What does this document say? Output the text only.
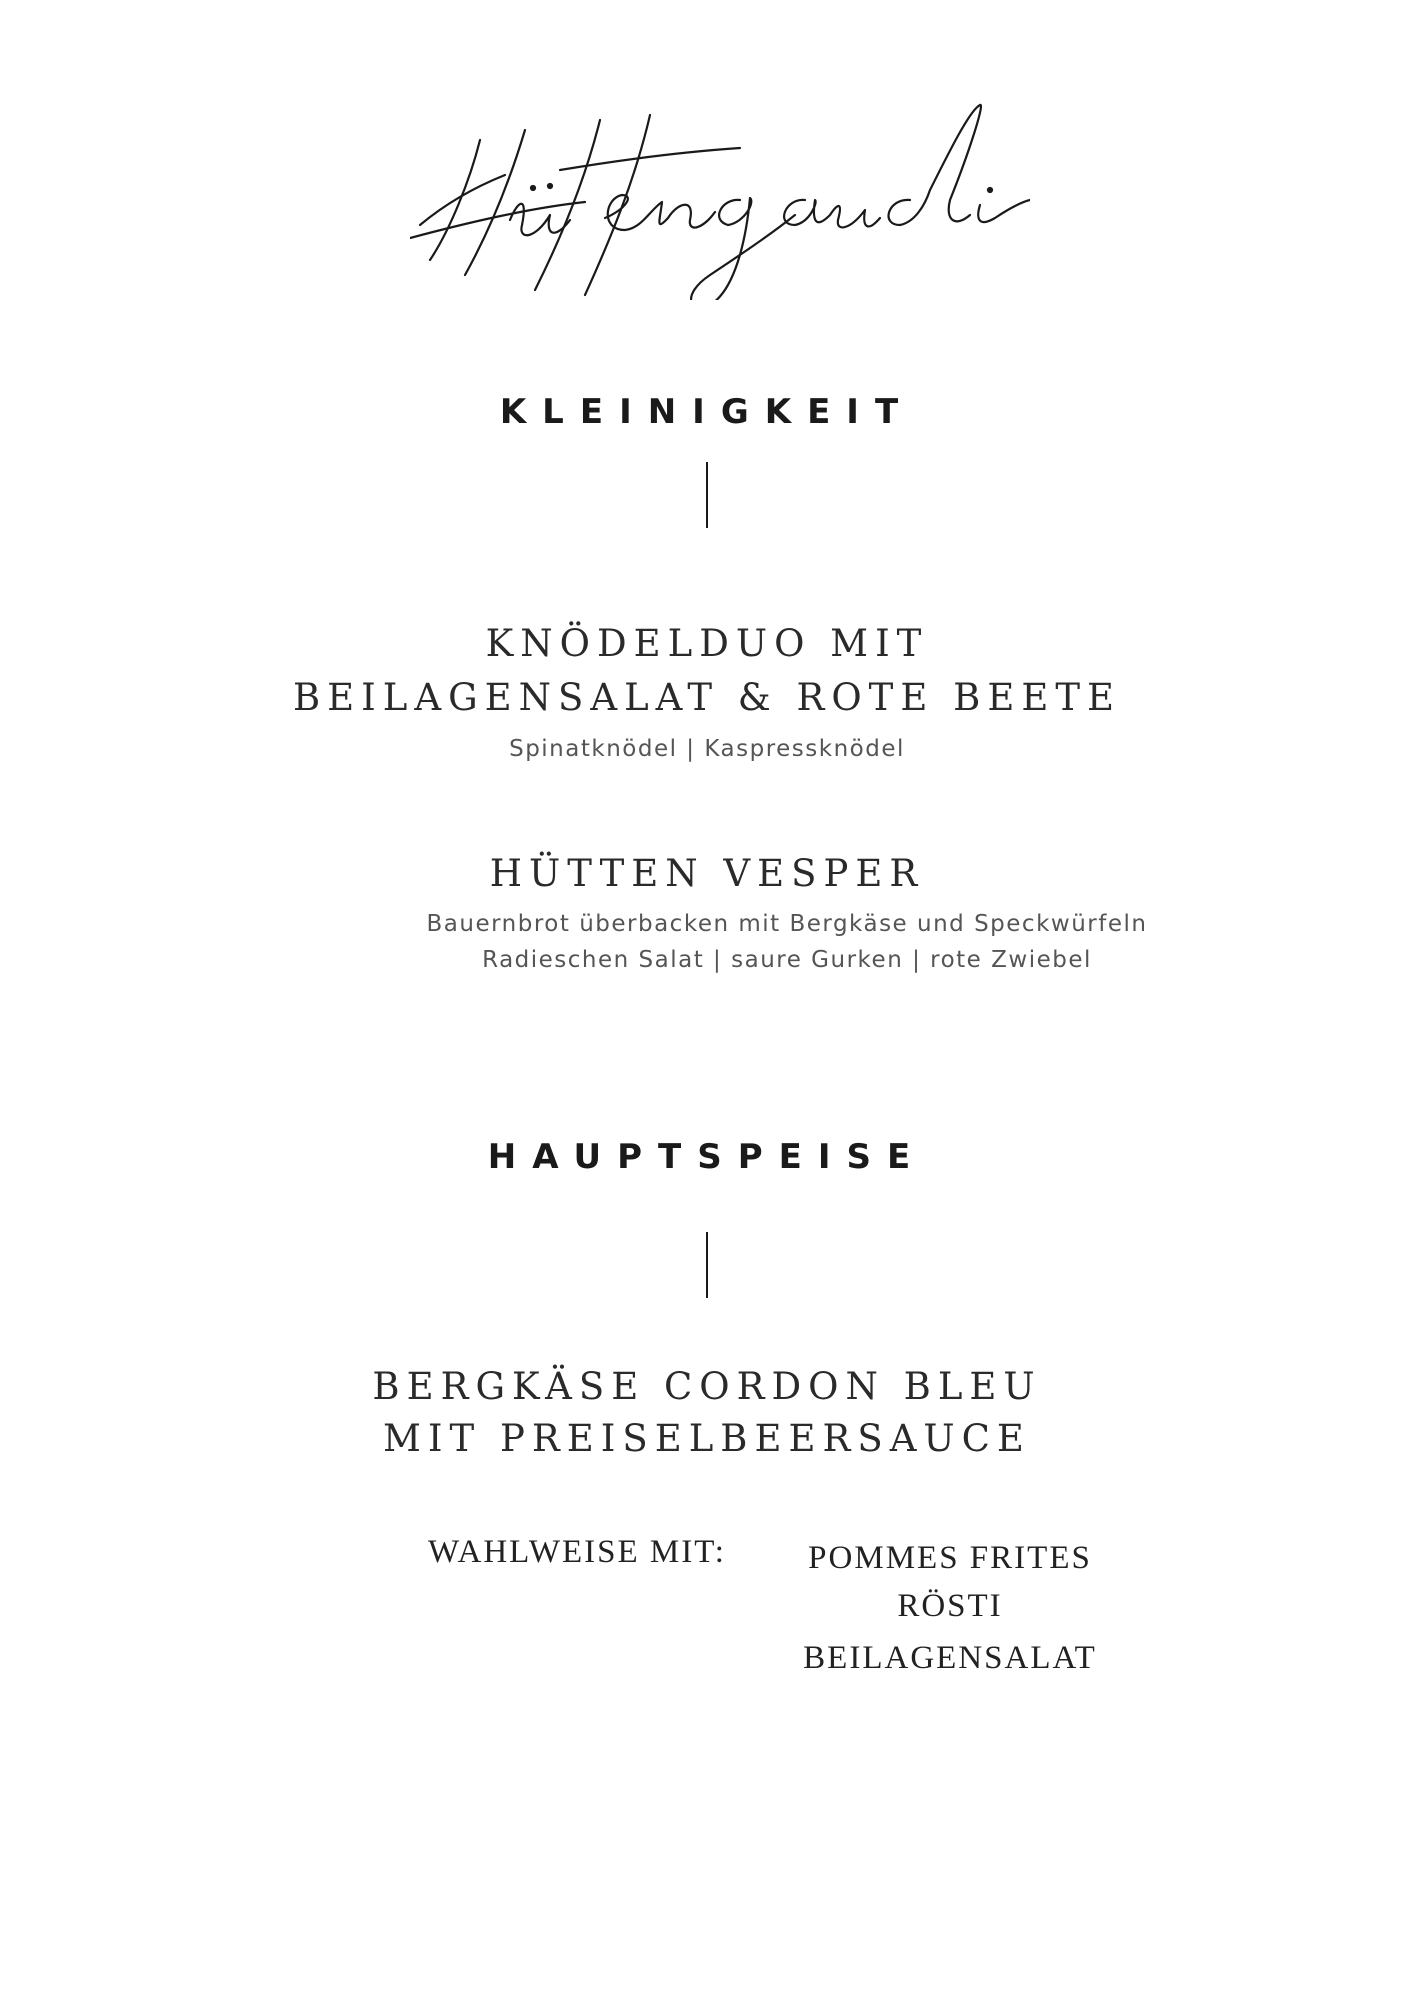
KLEINIGKEIT
KNÖDELDUO MIT
BEILAGENSALAT & ROTE BEETE
Spinatknödel | Kaspressknödel
HÜTTEN VESPER
Bauernbrot überbacken mit Bergkäse und Speckwürfeln
Radieschen Salat | saure Gurken | rote Zwiebel
HAUPTSPEISE
BERGKÄSE CORDON BLEU
MIT PREISELBEERSAUCE
WAHLWEISE MIT:	POMMES FRITES
RÖSTI
BEILAGENSALAT
